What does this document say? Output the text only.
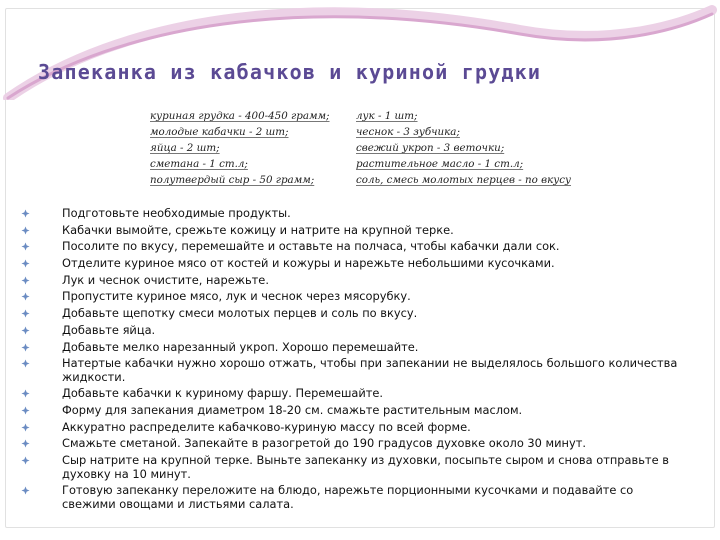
Запеканка из кабачков и куриной грудки
куриная грудка - 400-450 грамм;
молодые кабачки - 2 шт;
яйца - 2 шт;
сметана - 1 ст.л;
полутвердый сыр - 50 грамм;
лук - 1 шт;
чеснок - 3 зубчика;
свежий укроп - 3 веточки;
растительное масло - 1 ст.л;
соль, смесь молотых перцев - по вкусу
Подготовьте необходимые продукты.
Кабачки вымойте, срежьте кожицу и натрите на крупной терке.
Посолите по вкусу, перемешайте и оставьте на полчаса, чтобы кабачки дали сок.
Отделите куриное мясо от костей и кожуры и нарежьте небольшими кусочками.
Лук и чеснок очистите, нарежьте.
Пропустите куриное мясо, лук и чеснок через мясорубку.
Добавьте щепотку смеси молотых перцев и соль по вкусу.
Добавьте яйца.
Добавьте мелко нарезанный укроп. Хорошо перемешайте.
Натертые кабачки нужно хорошо отжать, чтобы при запекании не выделялось большого количества жидкости.
Добавьте кабачки к куриному фаршу. Перемешайте.
Форму для запекания диаметром 18-20 см. смажьте растительным маслом.
Аккуратно распределите кабачково-куриную массу по всей форме.
Смажьте сметаной. Запекайте в разогретой до 190 градусов духовке около 30 минут.
Сыр натрите на крупной терке. Выньте запеканку из духовки, посыпьте сыром и снова отправьте в духовку на 10 минут.
Готовую запеканку переложите на блюдо, нарежьте порционными кусочками и подавайте со свежими овощами и листьями салата.
